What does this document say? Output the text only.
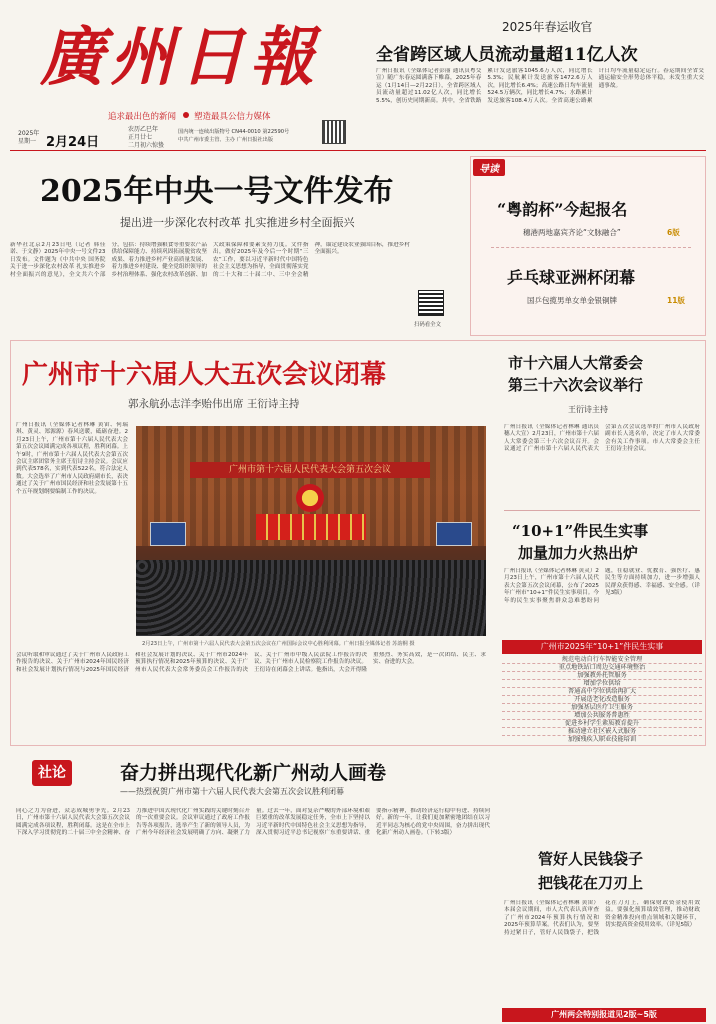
廣州日報
追求最出色的新闻 塑造最具公信力媒体
2025年
星期一 2月24日
农历乙巳年
正月廿七
二月初六惊蛰
国内统一连续出版物号 CN44-0010 第22590号
中共广州市委主管、主办 广州日报社出版
2025年春运收官
全省跨区域人员流动量超11亿人次
广州日报讯（全媒体记者彭丽 通讯员粤交宣）随广东春运圆满落下帷幕，2025年春运（1月14日—2月22日），全省跨区域人员流动量超过11.02亿人次，同比增长5.5%，创历史同期新高。其中，全省铁路累计发送旅客1045.6万人次，同比增长5.3%；民航累计发送旅客1472.6万人次，同比增长6.4%；高速公路日均车流量524.5万辆次，同比增长4.7%；水路累计发送旅客108.4万人次。全省高速公路累计日均车流量稳定运行。春运期间全省交通运输安全形势总体平稳，未发生重大交通事故。
2025年中央一号文件发布
提出进一步深化农村改革 扎实推进乡村全面振兴
新华社北京2月23日电（记者 韩佳诺、于文静）2025年中央一号文件23日发布。文件题为《中共中央 国务院关于进一步深化农村改革 扎实推进乡村全面振兴的意见》，全文共六个部分，包括：持续增强粮食等重要农产品供给保障能力、持续巩固拓展脱贫攻坚成果、着力推进乡村产业高质量发展、着力推进乡村建设、健全党组织领导的乡村治理体系、强化农村改革创新、加大政策保障和要素支持力度。文件指出，做好2025年及今后一个时期“三农”工作，要以习近平新时代中国特色社会主义思想为指导，全面贯彻落实党的二十大和二十届二中、三中全会精神，锚定建设农业强国目标，推进乡村全面振兴。
扫码看全文
导读
“粤韵杯”今起报名
穗港两地嘉宾齐论“文脉融合”	6版
乒乓球亚洲杯闭幕
国乒包揽男单女单金银铜牌	11版
广州市十六届人大五次会议闭幕
郭永航孙志洋李贻伟出席 王衍诗主持
广州日报讯（全媒体记者林琳 黄宙、何瑞琪、黄灵、郑源源）春风送暖，砥砺奋进。2月23日上午，广州市第十六届人民代表大会第五次会议圆满完成各项议程，胜利闭幕。上午9时，广州市第十六届人民代表大会第五次会议主席团常务主席王衍诗主持会议。会议应到代表578名，实到代表522名，符合法定人数。大会选举了广州市人民政府副市长，表决通过了关于广州市国民经济和社会发展第十五个五年规划纲要编制工作的决议。
广州市第十六届人民代表大会第五次会议
2月23日上午，广州市第十六届人民代表大会第五次会议在广州国际会议中心胜利闭幕。广州日报全媒体记者 苏韵桐 摄
会议听取和审议通过了关于广州市人民政府工作报告的决议、关于广州市2024年国民经济和社会发展计划执行情况与2025年国民经济和社会发展计划的决议、关于广州市2024年预算执行情况和2025年预算的决议、关于广州市人民代表大会常务委员会工作报告的决议、关于广州市中级人民法院工作报告的决议、关于广州市人民检察院工作报告的决议。王衍诗在闭幕会上讲话。他指出，大会开得隆重热烈、务实高效，是一次团结、民主、求实、奋进的大会。
市十六届人大常委会
第三十六次会议举行
王衍诗主持
广州日报讯（全媒体记者林琳 通讯员穗人大宣）2月23日，广州市第十六届人大常委会第三十六次会议召开。会议通过了广州市第十六届人民代表大会第五次会议选举的广州市人民政府副市长人选名单，决定了市人大常委会有关工作事项。市人大常委会主任王衍诗主持会议。
“10+1”件民生实事
加量加力火热出炉
广州日报讯（全媒体记者林琳 黄灵）2月23日上午，广州市第十六届人民代表大会第五次会议闭幕，公布了2025年广州市“10+1”件民生实事项目。今年的民生实事聚焦群众急难愁盼问题，在稳就业、优教育、强医疗、惠民生等方面持续加力，进一步增强人民群众获得感、幸福感、安全感。（详见3版）
广州市2025年“10+1”件民生实事
规范电动自行车智能安全管理
重点地铁站口周边交通环境整治
加强教外托管服务
增加学位供给
普通高中学位供给再扩大
开展适老化改造服务
加强基层医疗卫生服务
增加公共服务普惠性
促进乡村学生素质教育提升
推动建立社区嵌入式服务
加强残疾人职业技能培训
社论	奋力拼出现代化新广州动人画卷
——热烈祝贺广州市第十六届人民代表大会第五次会议胜利闭幕
同心之力为奋进，众志成城勇争先。2月23日，广州市第十六届人民代表大会第五次会议圆满完成各项议程，胜利闭幕。这是在全市上下深入学习贯彻党的二十届三中全会精神、奋力推进中国式现代化广州实践的关键时刻召开的一次重要会议。会议审议通过了政府工作报告等各项报告，选举产生了新的领导人员，为广州今年经济社会发展明确了方向、凝聚了力量。过去一年，面对复杂严峻的外部环境和艰巨繁重的改革发展稳定任务，全市上下坚持以习近平新时代中国特色社会主义思想为指导，深入贯彻习近平总书记视察广东重要讲话、重要指示精神，推动经济运行稳中有进、持续向好。新的一年，让我们更加紧密地团结在以习近平同志为核心的党中央周围，奋力拼出现代化新广州动人画卷。（下转3版）
管好人民钱袋子
把钱花在刀刃上
广州日报讯（全媒体记者林琳 黄宙）本届会议期间，市人大代表认真审查了广州市2024年预算执行情况和2025年预算草案。代表们认为，要坚持过紧日子，管好人民钱袋子，把钱花在刀刃上，确保财政资金使用效益。要强化预算绩效管理，推动财政资金精准投向重点领域和关键环节，切实提高资金使用效率。（详见5版）
广州两会特别报道见2版~5版
